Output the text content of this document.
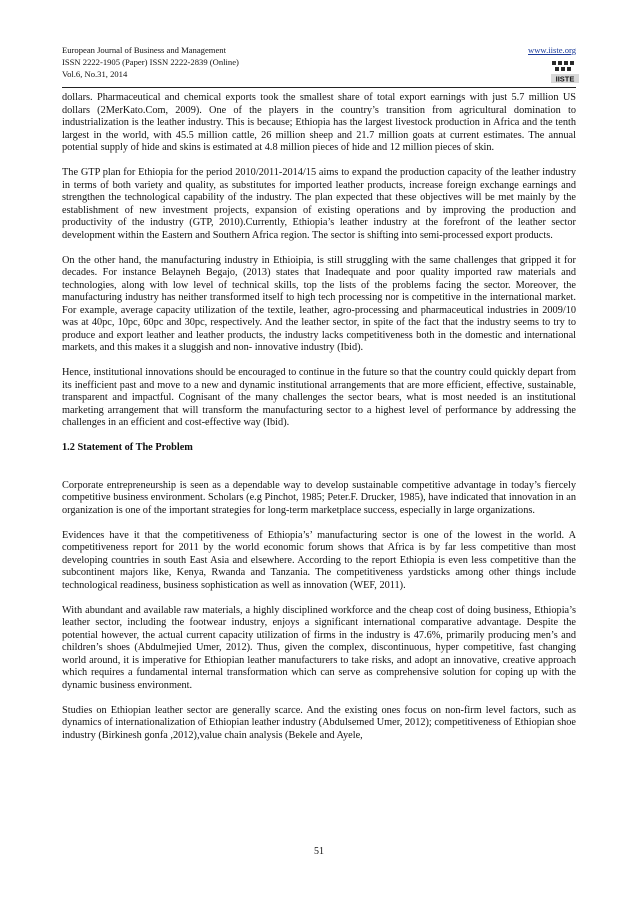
European Journal of Business and Management
ISSN 2222-1905 (Paper) ISSN 2222-2839 (Online)
Vol.6, No.31, 2014
www.iiste.org
IISTE

dollars. Pharmaceutical and chemical exports took the smallest share of total export earnings with just 5.7 million US dollars (2MerKato.Com, 2009). One of the players in the country’s transition from agricultural domination to industrialization is the leather industry. This is because; Ethiopia has the largest livestock production in Africa and the tenth largest in the world, with 45.5 million cattle, 26 million sheep and 21.7 million goats at current estimates. The annual potential supply of hide and skins is estimated at 4.8 million pieces of hide and 12 million pieces of skin.

The GTP plan for Ethiopia for the period 2010/2011-2014/15 aims to expand the production capacity of the leather industry in terms of both variety and quality, as substitutes for imported leather products, increase foreign exchange earnings and strengthen the technological capability of the industry. The plan expected that these objectives will be met mainly by the establishment of new investment projects, expansion of existing operations and by improving the production and productivity of the industry (GTP, 2010).Currently, Ethiopia’s leather industry at the forefront of the leather sector development within the Eastern and Southern Africa region. The sector is shifting into semi-processed export products.

On the other hand, the manufacturing industry in Ethioipia, is still struggling with the same challenges that gripped it for decades. For instance Belayneh Begajo, (2013) states that Inadequate and poor quality imported raw materials and technologies, along with low level of technical skills, top the lists of the problems facing the sector. Moreover, the manufacturing industry has neither transformed itself to high tech processing nor is competitive in the international market. For example, average capacity utilization of the textile, leather, agro-processing and pharmaceutical industries in 2009/10 was at 40pc, 10pc, 60pc and 30pc, respectively. And the leather sector, in spite of the fact that the industry seems to try to produce and export leather and leather products, the industry lacks competitiveness both in the domestic and international markets, and this makes it a sluggish and non- innovative industry (Ibid).

Hence, institutional innovations should be encouraged to continue in the future so that the country could quickly depart from its inefficient past and move to a new and dynamic institutional arrangements that are more efficient, effective, sustainable, transparent and impactful. Cognisant of the many challenges the sector bears, what is most needed is an institutional marketing arrangement that will transform the manufacturing sector to a highest level of performance by addressing the challenges in an efficient and cost-effective way (Ibid).

1.2 Statement of The Problem

Corporate entrepreneurship is seen as a dependable way to develop sustainable competitive advantage in today’s fiercely competitive business environment. Scholars (e.g Pinchot, 1985; Peter.F. Drucker, 1985), have indicated that innovation in an organization is one of the important strategies for long-term marketplace success, especially in large organizations.

Evidences have it that the competitiveness of Ethiopia’s’ manufacturing sector is one of the lowest in the world. A competitiveness report for 2011 by the world economic forum shows that Africa is by far less competitive than most developing countries in south East Asia and elsewhere. According to the report Ethiopia is even less competitive than the subcontinent majors like, Kenya, Rwanda and Tanzania. The competitiveness yardsticks among other things include technological readiness, business sophistication as well as innovation (WEF, 2011).

With abundant and available raw materials, a highly disciplined workforce and the cheap cost of doing business, Ethiopia’s leather sector, including the footwear industry, enjoys a significant international comparative advantage. Despite the potential however, the actual current capacity utilization of firms in the industry is 47.6%, primarily producing men’s and children’s shoes (Abdulmejied Umer, 2012). Thus, given the complex, discontinuous, hyper competitive, fast changing world around, it is imperative for Ethiopian leather manufacturers to take risks, and adopt an innovative, creative approach which requires a fundamental internal transformation which can serve as comprehensive solution for coping up with the dynamic business environment.

Studies on Ethiopian leather sector are generally scarce. And the existing ones focus on non-firm level factors, such as dynamics of internationalization of Ethiopian leather industry (Abdulsemed Umer, 2012); competitiveness of Ethiopian shoe industry (Birkinesh gonfa ,2012),value chain analysis (Bekele and Ayele,

51
